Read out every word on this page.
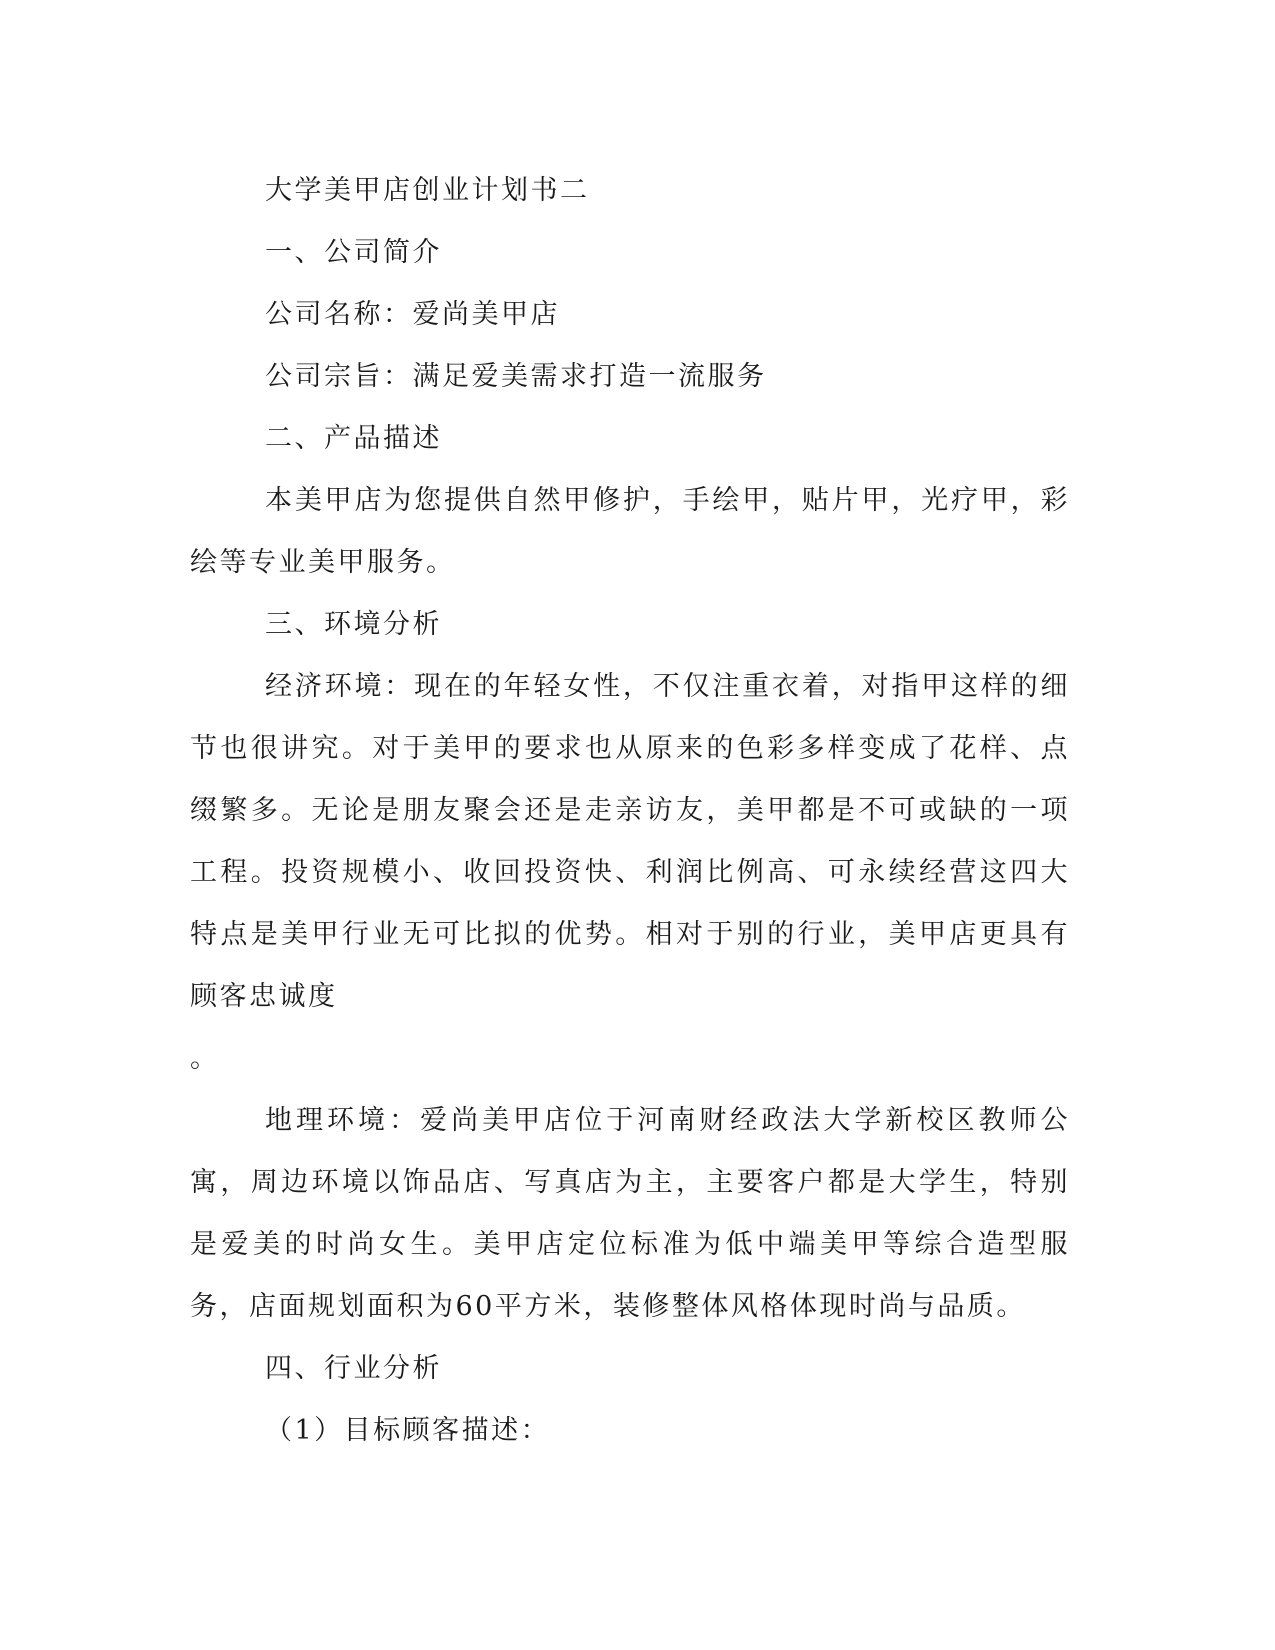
大学美甲店创业计划书二

一、公司简介

公司名称：爱尚美甲店

公司宗旨：满足爱美需求打造一流服务

二、产品描述

本美甲店为您提供自然甲修护，手绘甲，贴片甲，光疗甲，彩绘等专业美甲服务。

三、环境分析

经济环境：现在的年轻女性，不仅注重衣着，对指甲这样的细节也很讲究。对于美甲的要求也从原来的色彩多样变成了花样、点缀繁多。无论是朋友聚会还是走亲访友，美甲都是不可或缺的一项工程。投资规模小、收回投资快、利润比例高、可永续经营这四大特点是美甲行业无可比拟的优势。相对于别的行业，美甲店更具有顾客忠诚度

。

地理环境：爱尚美甲店位于河南财经政法大学新校区教师公寓，周边环境以饰品店、写真店为主，主要客户都是大学生，特别是爱美的时尚女生。美甲店定位标准为低中端美甲等综合造型服务，店面规划面积为60平方米，装修整体风格体现时尚与品质。

四、行业分析

（1）目标顾客描述：
